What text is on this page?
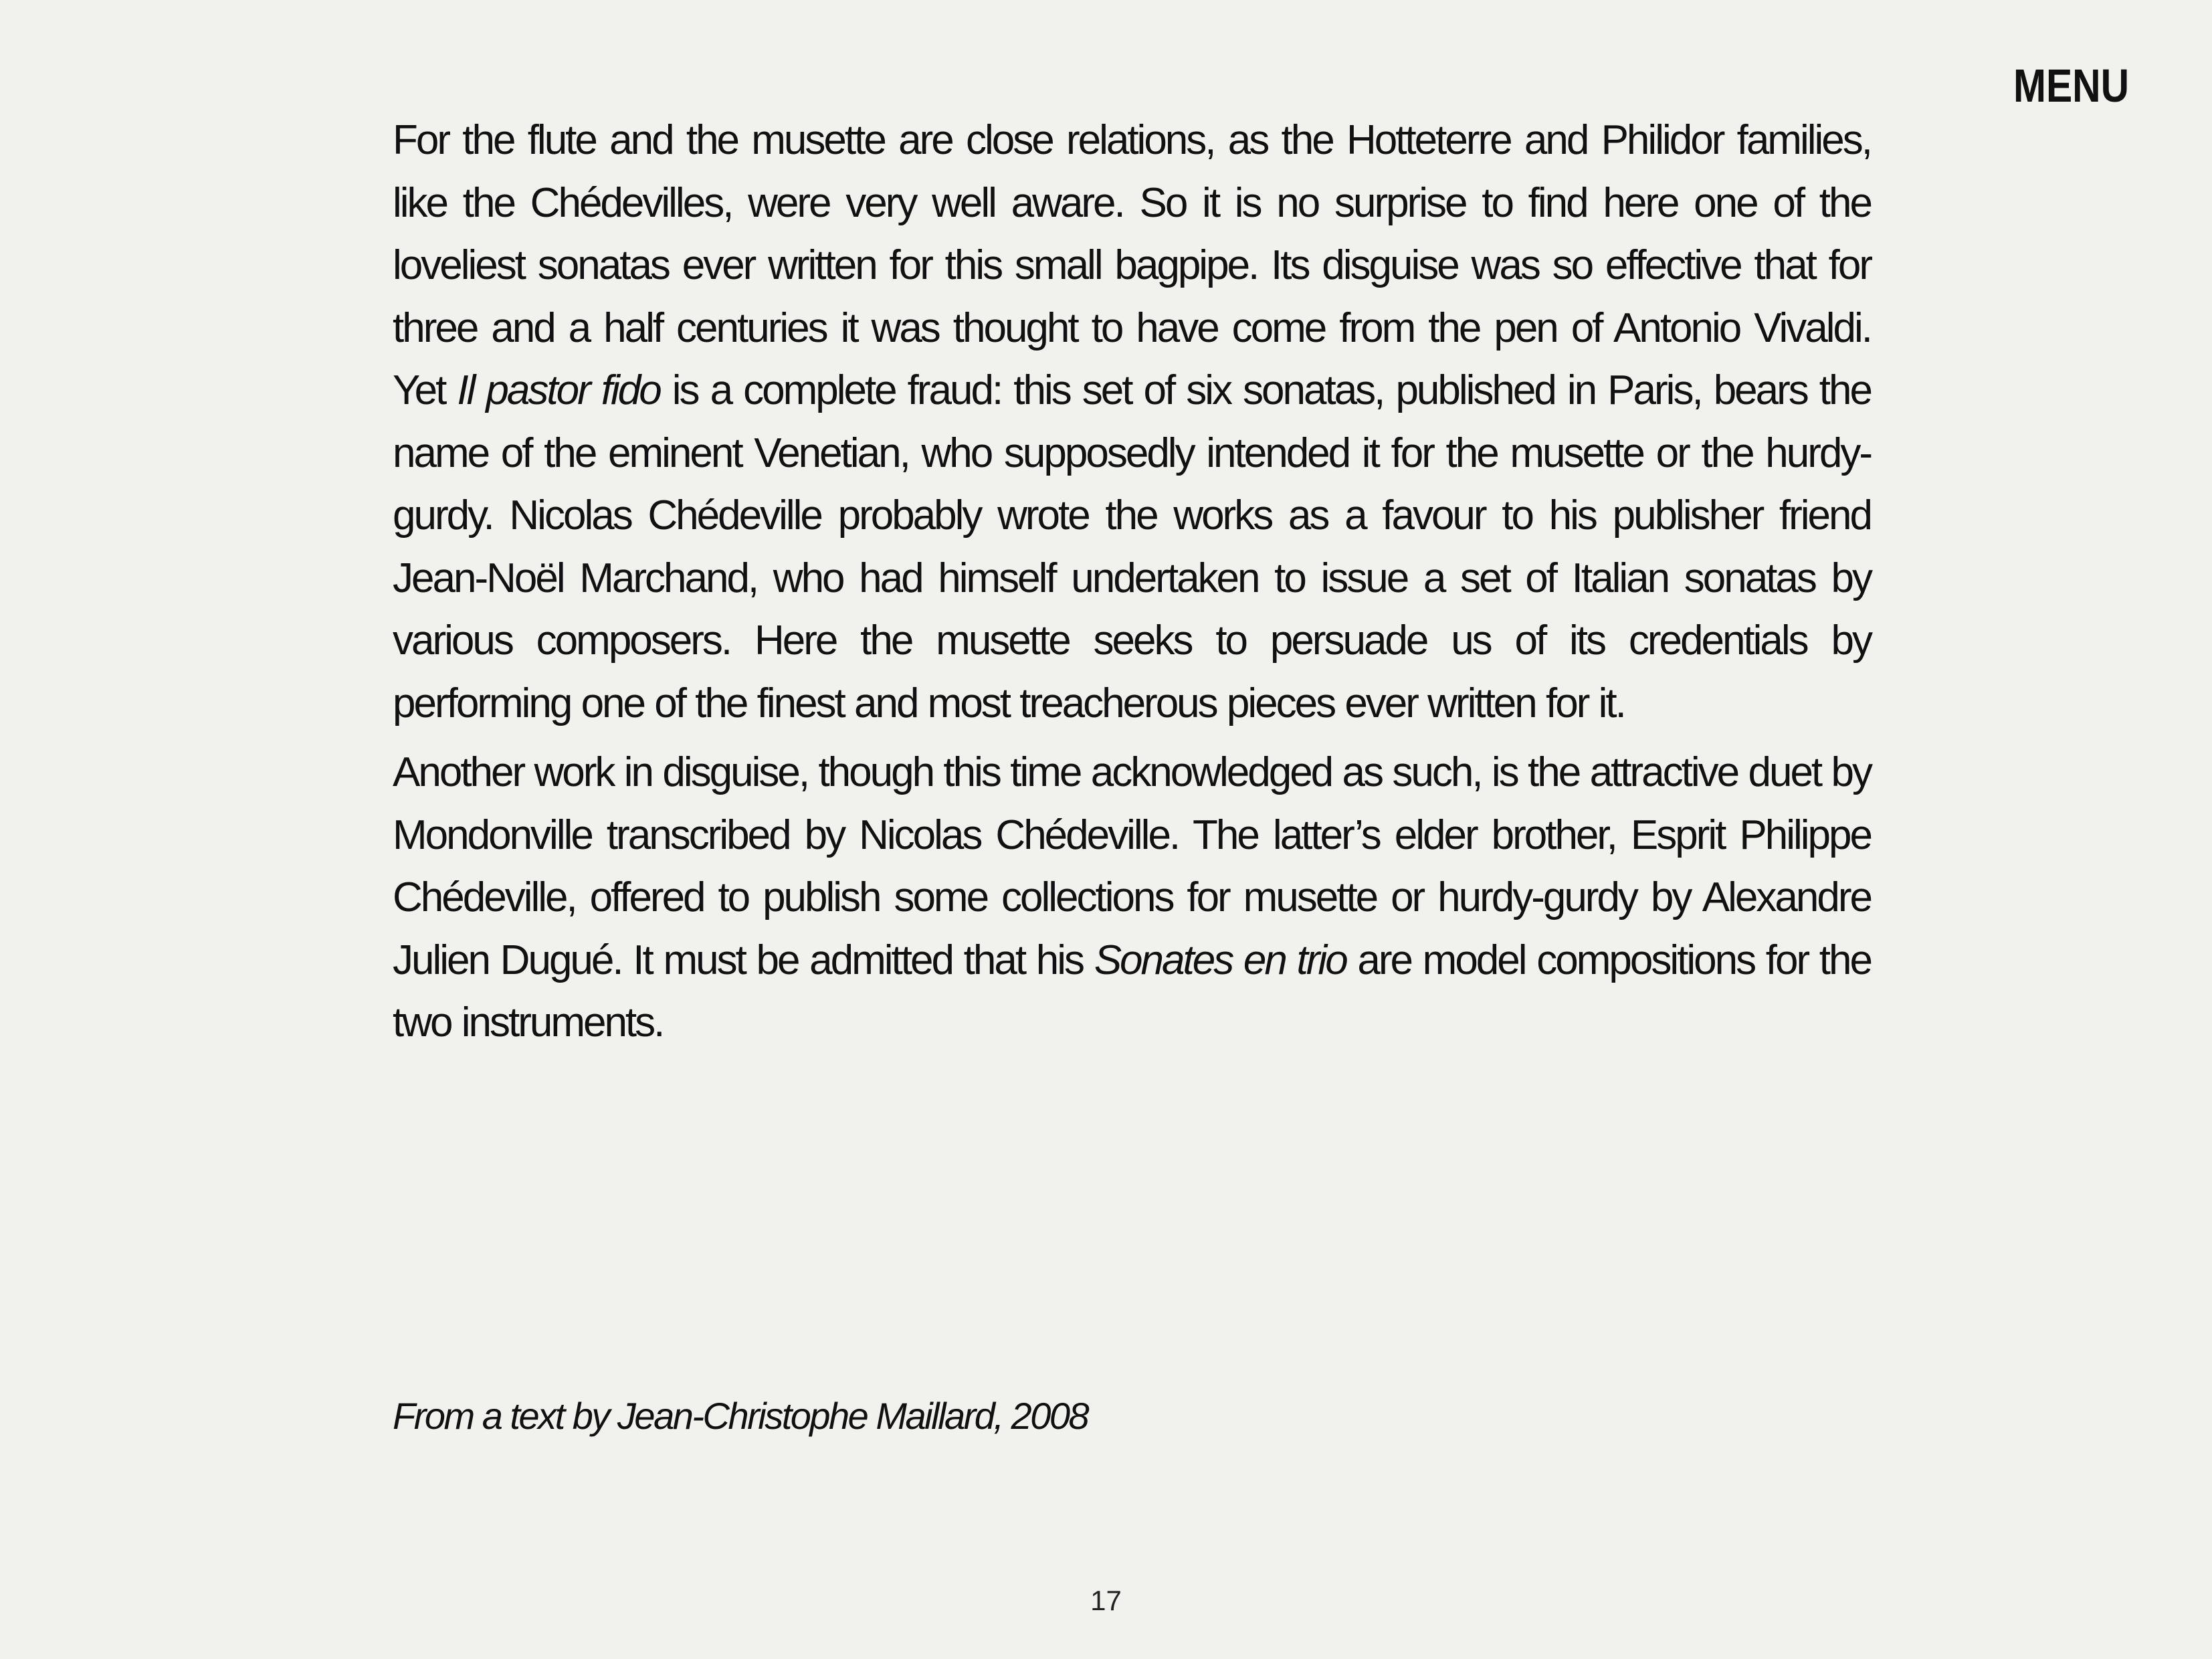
MENU

For the flute and the musette are close relations, as the Hotteterre and Philidor families, like the Chédevilles, were very well aware. So it is no surprise to find here one of the loveliest sonatas ever written for this small bagpipe. Its disguise was so effective that for three and a half centuries it was thought to have come from the pen of Antonio Vivaldi. Yet Il pastor fido is a complete fraud: this set of six sonatas, published in Paris, bears the name of the eminent Venetian, who supposedly intended it for the musette or the hurdy-gurdy. Nicolas Chédeville probably wrote the works as a favour to his publisher friend Jean-Noël Marchand, who had himself undertaken to issue a set of Italian sonatas by various composers. Here the musette seeks to persuade us of its credentials by performing one of the finest and most treacherous pieces ever written for it.

Another work in disguise, though this time acknowledged as such, is the attractive duet by Mondonville transcribed by Nicolas Chédeville. The latter’s elder brother, Esprit Philippe Chédeville, offered to publish some collections for musette or hurdy-gurdy by Alexandre Julien Dugué. It must be admitted that his Sonates en trio are model compositions for the two instruments.

From a text by Jean-Christophe Maillard, 2008

17
